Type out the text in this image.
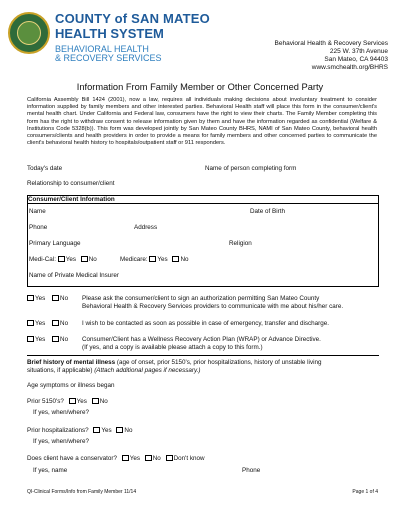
COUNTY of SAN MATEO
HEALTH SYSTEM
BEHAVIORAL HEALTH
& RECOVERY SERVICES
Behavioral Health & Recovery Services
225 W. 37th Avenue
San Mateo, CA 94403
www.smchealth.org/BHRS
Information From Family Member or Other Concerned Party
California Assembly Bill 1424 (2001), now a law, requires all individuals making decisions about involuntary treatment to consider information supplied by family members and other interested parties. Behavioral Health staff will place this form in the consumer/client's mental health chart. Under California and Federal law, consumers have the right to view their charts. The Family Member completing this form has the right to withdraw consent to release information given by them and have the information regarded as confidential (Welfare & Institutions Code 5328(b)). This form was developed jointly by San Mateo County BHRS, NAMI of San Mateo County, behavioral health consumers/clients and health providers in order to provide a means for family members and other concerned parties to communicate the client's behavioral health history to hospitals/outpatient staff or 911 responders.
Today's date	Name of person completing form
Relationship to consumer/client
Consumer/Client Information
Name	Date of Birth
Phone	Address
Primary Language	Religion
Medi-Cal: Yes No	Medicare: Yes No
Name of Private Medical Insurer
Yes No Please ask the consumer/client to sign an authorization permitting San Mateo County
Behavioral Health & Recovery Services providers to communicate with me about his/her care.
Yes No I wish to be contacted as soon as possible in case of emergency, transfer and discharge.
Yes No Consumer/Client has a Wellness Recovery Action Plan (WRAP) or Advance Directive.
(If yes, and a copy is available please attach a copy to this form.)
Brief history of mental illness (age of onset, prior 5150's, prior hospitalizations, history of unstable living
situations, if applicable) (Attach additional pages if necessary.)
Age symptoms or illness began
Prior 5150's? Yes No
If yes, when/where?
Prior hospitalizations? Yes No
If yes, when/where?
Does client have a conservator? Yes No Don't know
If yes, name	Phone
QI-Clinical Forms/Info from Family Member 11/14	Page 1 of 4
